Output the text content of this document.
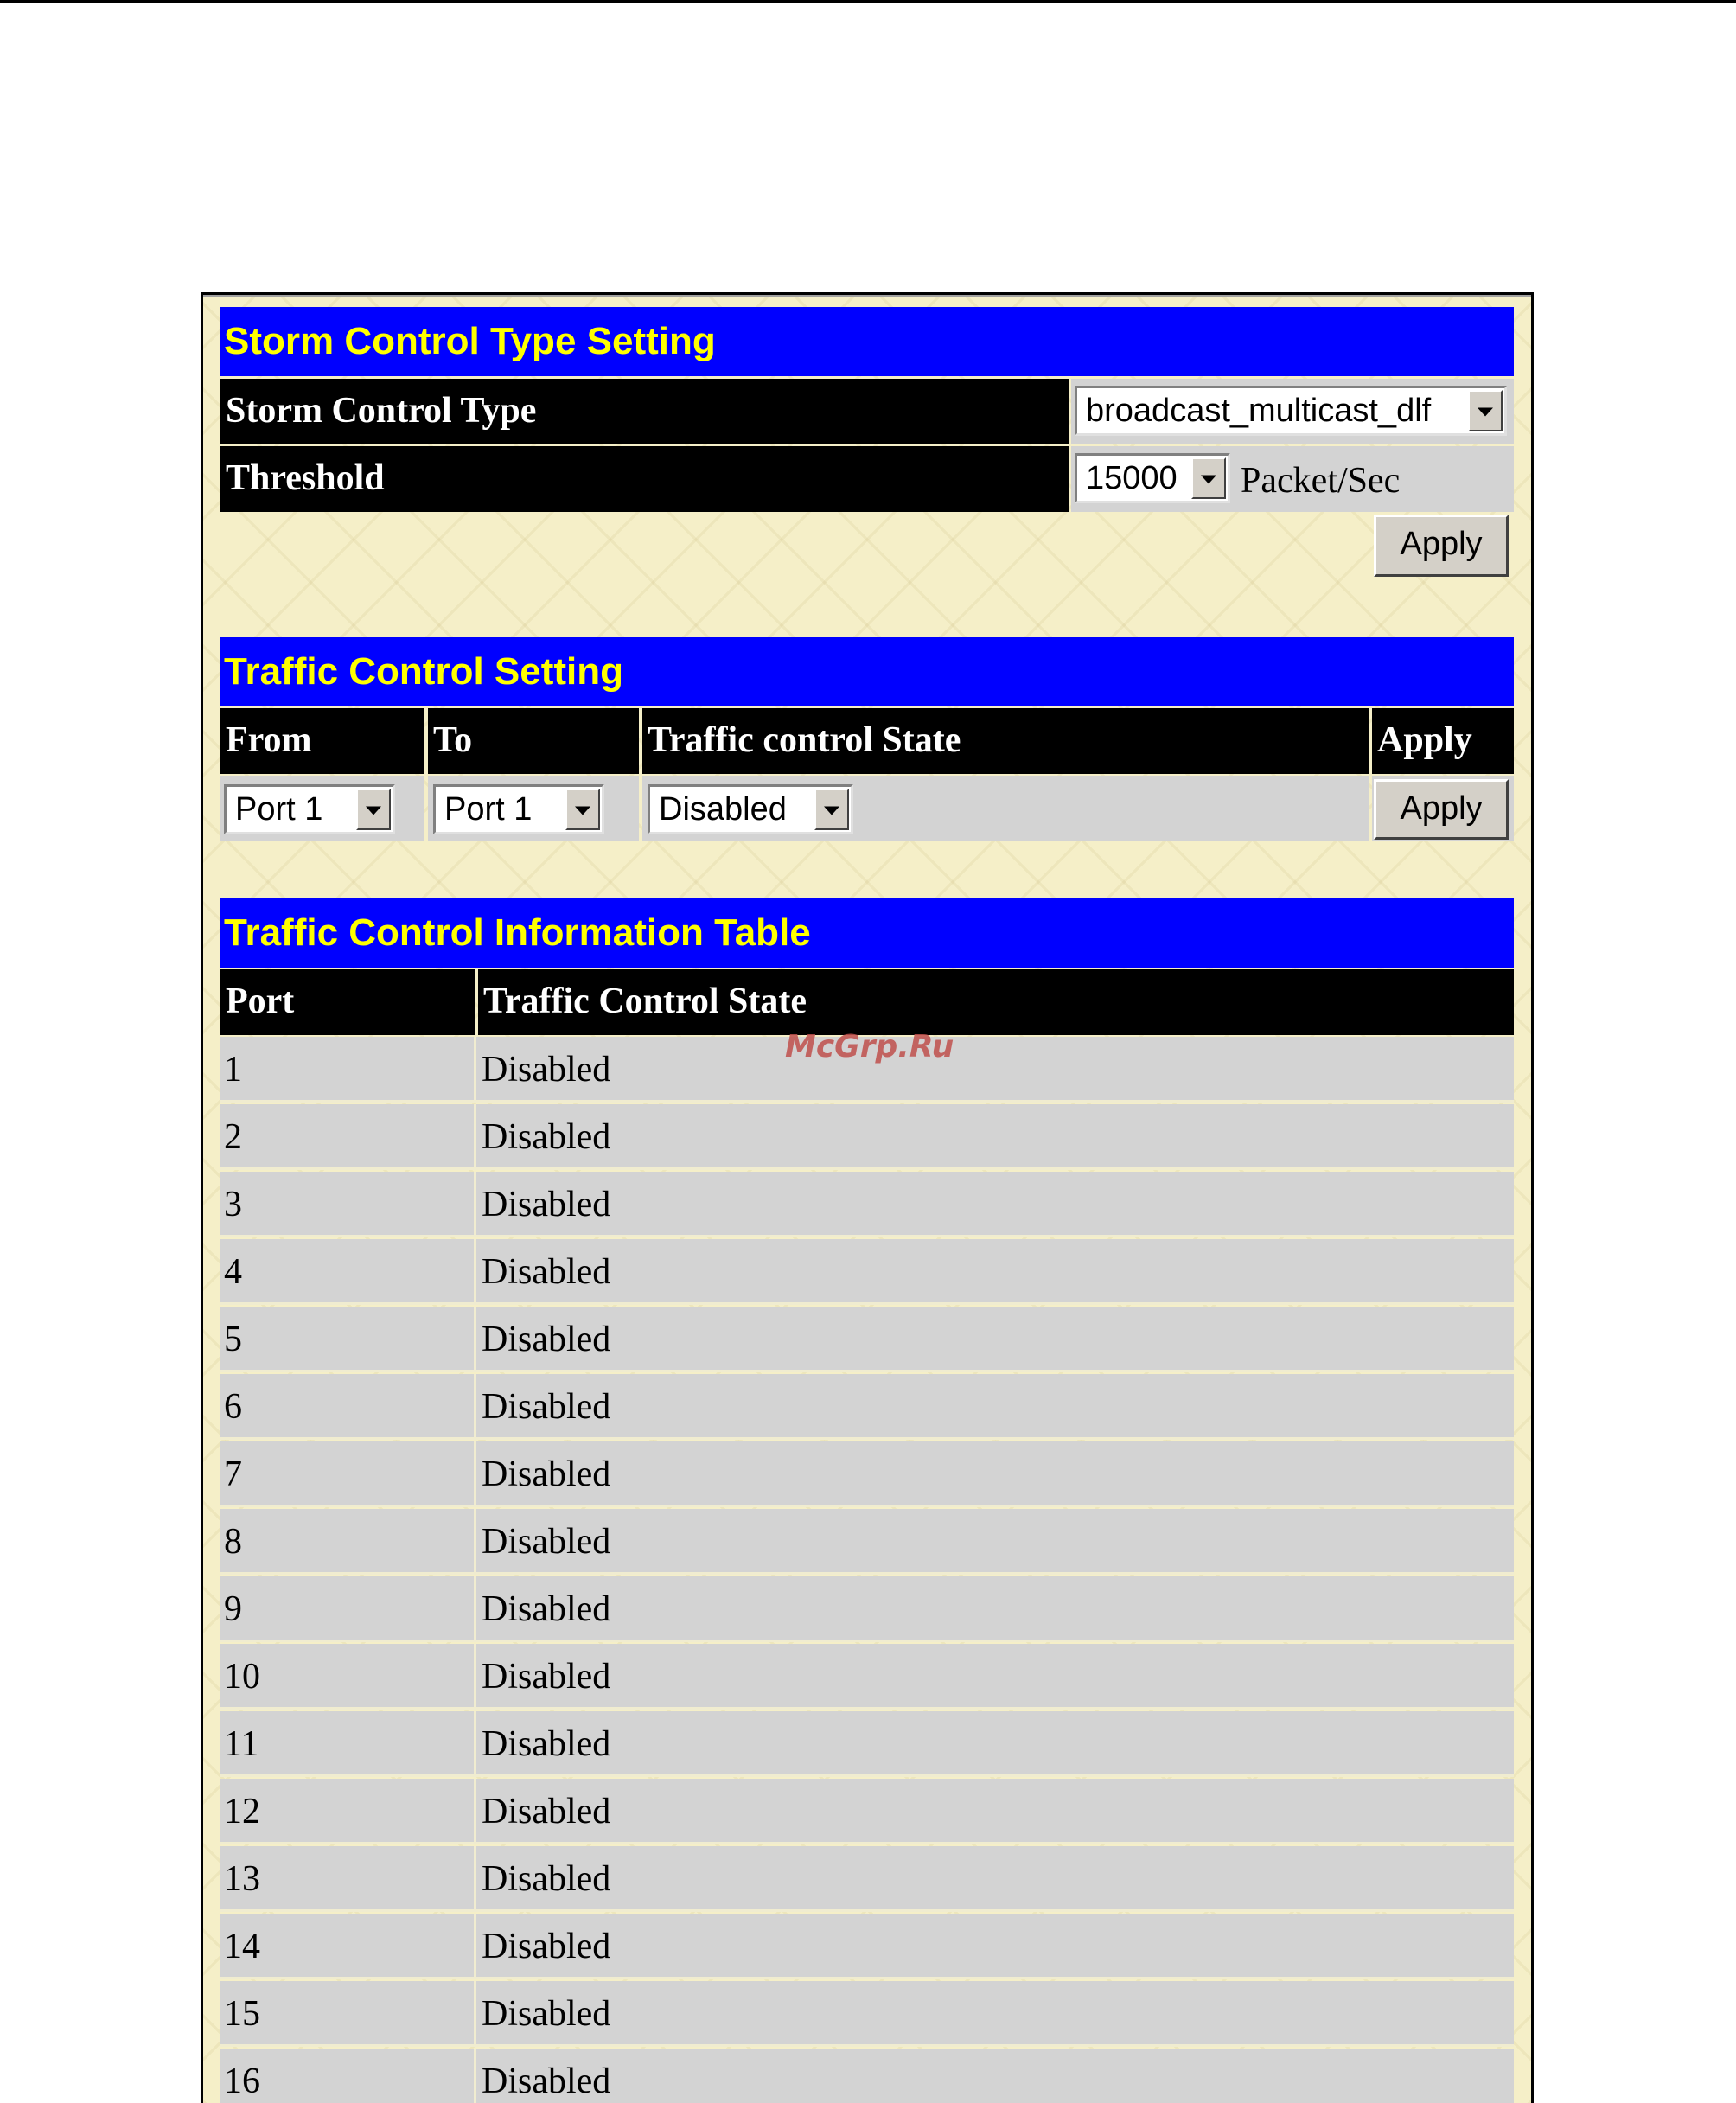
Storm Control Type Setting
Storm Control Type	broadcast_multicast_dlf
Threshold	15000 Packet/Sec
Apply
Traffic Control Setting
From	To	Traffic control State	Apply
Port 1	Port 1	Disabled	Apply
Traffic Control Information Table
Port	Traffic Control State
1	Disabled
2	Disabled
3	Disabled
4	Disabled
5	Disabled
6	Disabled
7	Disabled
8	Disabled
9	Disabled
10	Disabled
11	Disabled
12	Disabled
13	Disabled
14	Disabled
15	Disabled
16	Disabled
McGrp.Ru
